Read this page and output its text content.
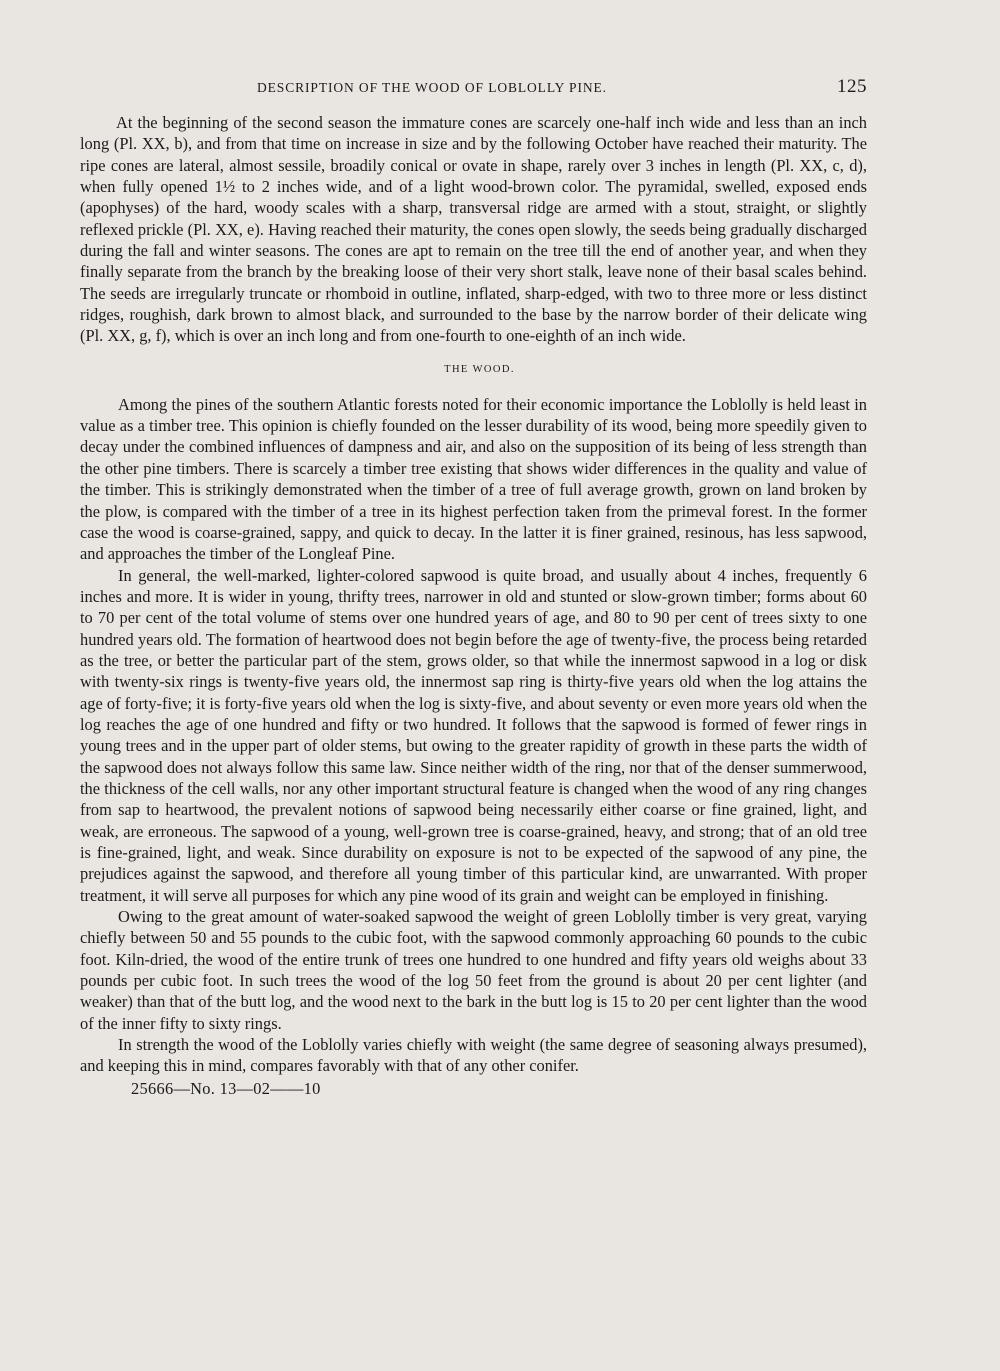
DESCRIPTION OF THE WOOD OF LOBLOLLY PINE.	125

At the beginning of the second season the immature cones are scarcely one-half inch wide and less than an inch long (Pl. XX, b), and from that time on increase in size and by the following October have reached their maturity. The ripe cones are lateral, almost sessile, broadily conical or ovate in shape, rarely over 3 inches in length (Pl. XX, c, d), when fully opened 1½ to 2 inches wide, and of a light wood-brown color. The pyramidal, swelled, exposed ends (apophyses) of the hard, woody scales with a sharp, transversal ridge are armed with a stout, straight, or slightly reflexed prickle (Pl. XX, e). Having reached their maturity, the cones open slowly, the seeds being gradually discharged during the fall and winter seasons. The cones are apt to remain on the tree till the end of another year, and when they finally separate from the branch by the breaking loose of their very short stalk, leave none of their basal scales behind. The seeds are irregularly truncate or rhomboid in outline, inflated, sharp-edged, with two to three more or less distinct ridges, roughish, dark brown to almost black, and surrounded to the base by the narrow border of their delicate wing (Pl. XX, g, f), which is over an inch long and from one-fourth to one-eighth of an inch wide.

THE WOOD.

Among the pines of the southern Atlantic forests noted for their economic importance the Loblolly is held least in value as a timber tree. This opinion is chiefly founded on the lesser durability of its wood, being more speedily given to decay under the combined influences of dampness and air, and also on the supposition of its being of less strength than the other pine timbers. There is scarcely a timber tree existing that shows wider differences in the quality and value of the timber. This is strikingly demonstrated when the timber of a tree of full average growth, grown on land broken by the plow, is compared with the timber of a tree in its highest perfection taken from the primeval forest. In the former case the wood is coarse-grained, sappy, and quick to decay. In the latter it is finer grained, resinous, has less sapwood, and approaches the timber of the Longleaf Pine.

In general, the well-marked, lighter-colored sapwood is quite broad, and usually about 4 inches, frequently 6 inches and more. It is wider in young, thrifty trees, narrower in old and stunted or slow-grown timber; forms about 60 to 70 per cent of the total volume of stems over one hundred years of age, and 80 to 90 per cent of trees sixty to one hundred years old. The formation of heartwood does not begin before the age of twenty-five, the process being retarded as the tree, or better the particular part of the stem, grows older, so that while the innermost sapwood in a log or disk with twenty-six rings is twenty-five years old, the innermost sap ring is thirty-five years old when the log attains the age of forty-five; it is forty-five years old when the log is sixty-five, and about seventy or even more years old when the log reaches the age of one hundred and fifty or two hundred. It follows that the sapwood is formed of fewer rings in young trees and in the upper part of older stems, but owing to the greater rapidity of growth in these parts the width of the sapwood does not always follow this same law. Since neither width of the ring, nor that of the denser summerwood, the thickness of the cell walls, nor any other important structural feature is changed when the wood of any ring changes from sap to heartwood, the prevalent notions of sapwood being necessarily either coarse or fine grained, light, and weak, are erroneous. The sapwood of a young, well-grown tree is coarse-grained, heavy, and strong; that of an old tree is fine-grained, light, and weak. Since durability on exposure is not to be expected of the sapwood of any pine, the prejudices against the sapwood, and therefore all young timber of this particular kind, are unwarranted. With proper treatment, it will serve all purposes for which any pine wood of its grain and weight can be employed in finishing.

Owing to the great amount of water-soaked sapwood the weight of green Loblolly timber is very great, varying chiefly between 50 and 55 pounds to the cubic foot, with the sapwood commonly approaching 60 pounds to the cubic foot. Kiln-dried, the wood of the entire trunk of trees one hundred to one hundred and fifty years old weighs about 33 pounds per cubic foot. In such trees the wood of the log 50 feet from the ground is about 20 per cent lighter (and weaker) than that of the butt log, and the wood next to the bark in the butt log is 15 to 20 per cent lighter than the wood of the inner fifty to sixty rings.

In strength the wood of the Loblolly varies chiefly with weight (the same degree of seasoning always presumed), and keeping this in mind, compares favorably with that of any other conifer.

25666—No. 13—02——10
